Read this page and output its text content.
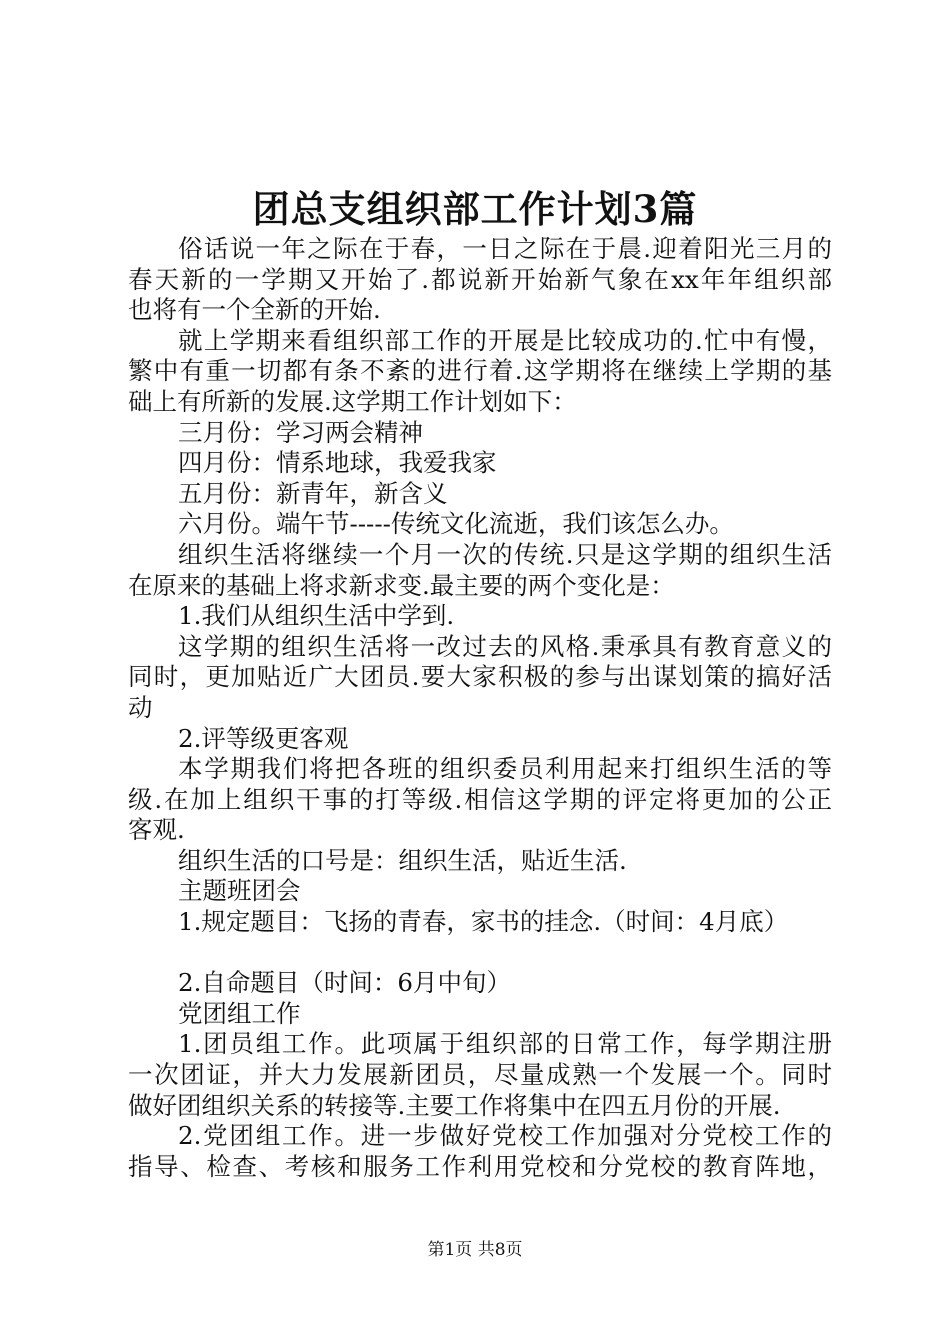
团总支组织部工作计划3篇
俗话说一年之际在于春，一日之际在于晨.迎着阳光三月的
春天新的一学期又开始了.都说新开始新气象在xx年年组织部
也将有一个全新的开始.
就上学期来看组织部工作的开展是比较成功的.忙中有慢，
繁中有重一切都有条不紊的进行着.这学期将在继续上学期的基
础上有所新的发展.这学期工作计划如下：
三月份：学习两会精神
四月份：情系地球，我爱我家
五月份：新青年，新含义
六月份。端午节-----传统文化流逝，我们该怎么办。
组织生活将继续一个月一次的传统.只是这学期的组织生活
在原来的基础上将求新求变.最主要的两个变化是：
1.我们从组织生活中学到.
这学期的组织生活将一改过去的风格.秉承具有教育意义的
同时，更加贴近广大团员.要大家积极的参与出谋划策的搞好活
动
2.评等级更客观
本学期我们将把各班的组织委员利用起来打组织生活的等
级.在加上组织干事的打等级.相信这学期的评定将更加的公正
客观.
组织生活的口号是：组织生活，贴近生活.
主题班团会
1.规定题目：飞扬的青春，家书的挂念.（时间：4月底）
2.自命题目（时间：6月中旬）
党团组工作
1.团员组工作。此项属于组织部的日常工作，每学期注册
一次团证，并大力发展新团员，尽量成熟一个发展一个。同时
做好团组织关系的转接等.主要工作将集中在四五月份的开展.
2.党团组工作。进一步做好党校工作加强对分党校工作的
指导、检查、考核和服务工作利用党校和分党校的教育阵地，
第1页 共8页
